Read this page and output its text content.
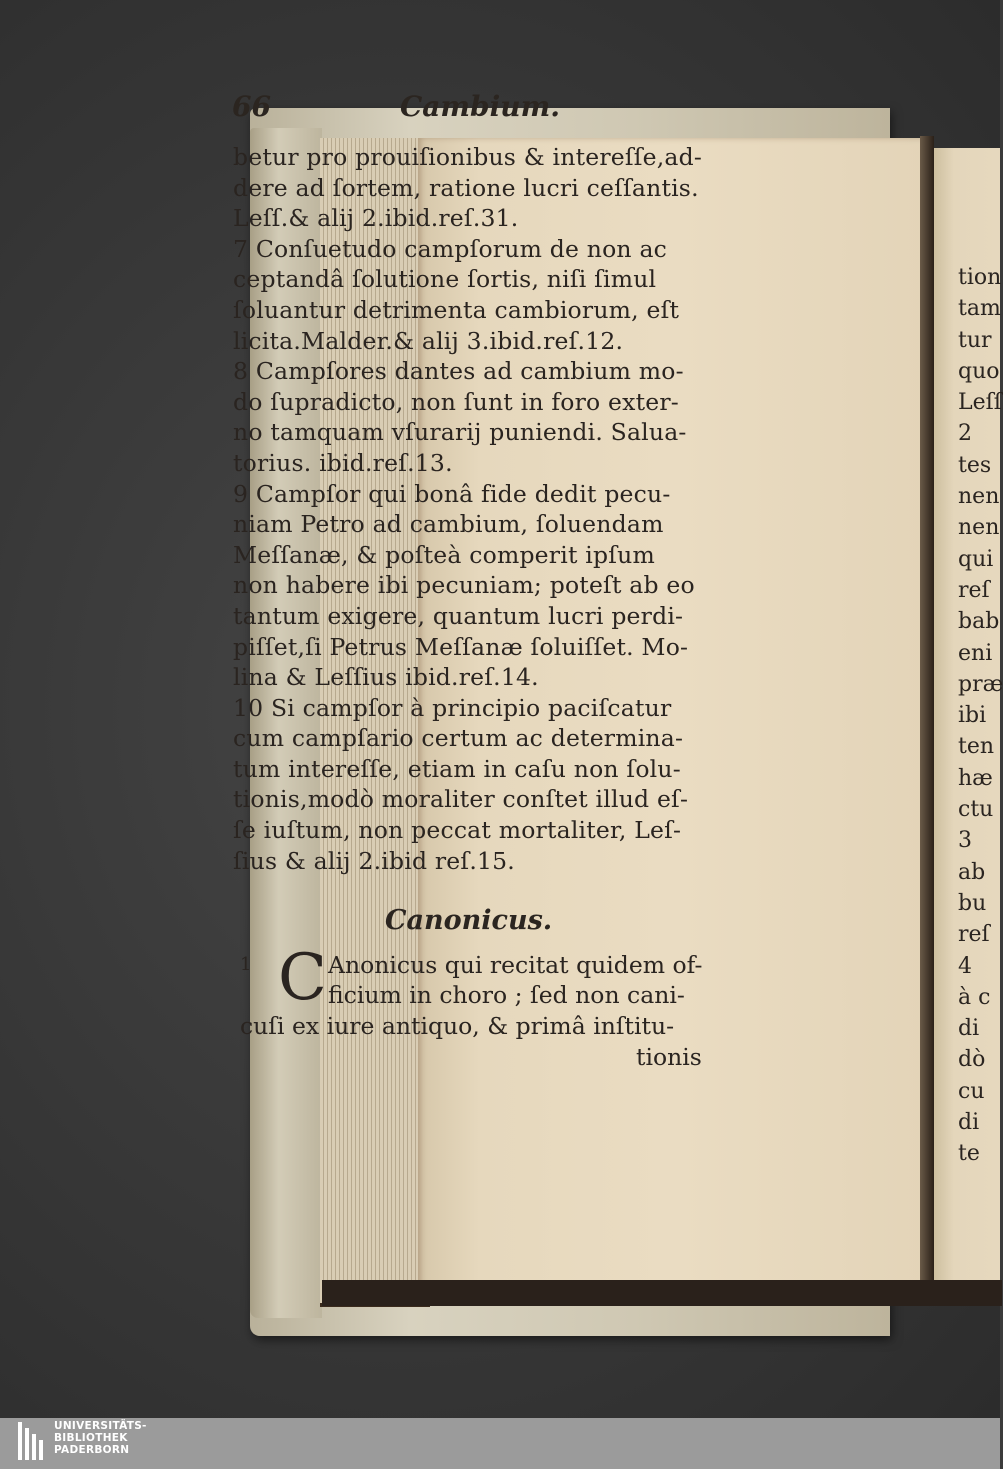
66	Cambium.
betur pro prouiſionibus & intereſſe,ad-
dere ad ſortem, ratione lucri ceſſantis.
Leſſ.& alij 2.ibid.reſ.31.
7 Conſuetudo campſorum de non ac
ceptandâ ſolutione ſortis, niſi ſimul
ſoluantur detrimenta cambiorum, eſt
licita.Malder.& alij 3.ibid.reſ.12.
8 Campſores dantes ad cambium mo-
do ſupradicto, non ſunt in foro exter-
no tamquam vſurarij puniendi. Salua-
torius. ibid.reſ.13.
9 Campſor qui bonâ fide dedit pecu-
niam Petro ad cambium, ſoluendam
Meſſanæ, & poſteà comperit ipſum
non habere ibi pecuniam; poteſt ab eo
tantum exigere, quantum lucri perdi-
piſſet,ſi Petrus Meſſanæ ſoluiſſet. Mo-
lina & Leſſius ibid.reſ.14.
10 Si campſor à principio paciſcatur
cum campſario certum ac determina-
tum intereſſe, etiam in caſu non ſolu-
tionis,modò moraliter conſtet illud eſ-
ſe iuſtum, non peccat mortaliter, Leſ-
ſius & alij 2.ibid reſ.15.
Canonicus.
1 C Anonicus qui recitat quidem of-
ficium in choro ; ſed non cani-
cuſi ex iure antiquo, & primâ inſtitu-
tionis
tion
tam
tur
quo
Leſſ
2
tes
nen
nen
qui
reſ
bab
eni
præ
ibi
ten
hæ
ctu
3
ab
bu
reſ
4
à c
di
dò
cu
di
te
UNIVERSITÄTS-
BIBLIOTHEK
PADERBORN
